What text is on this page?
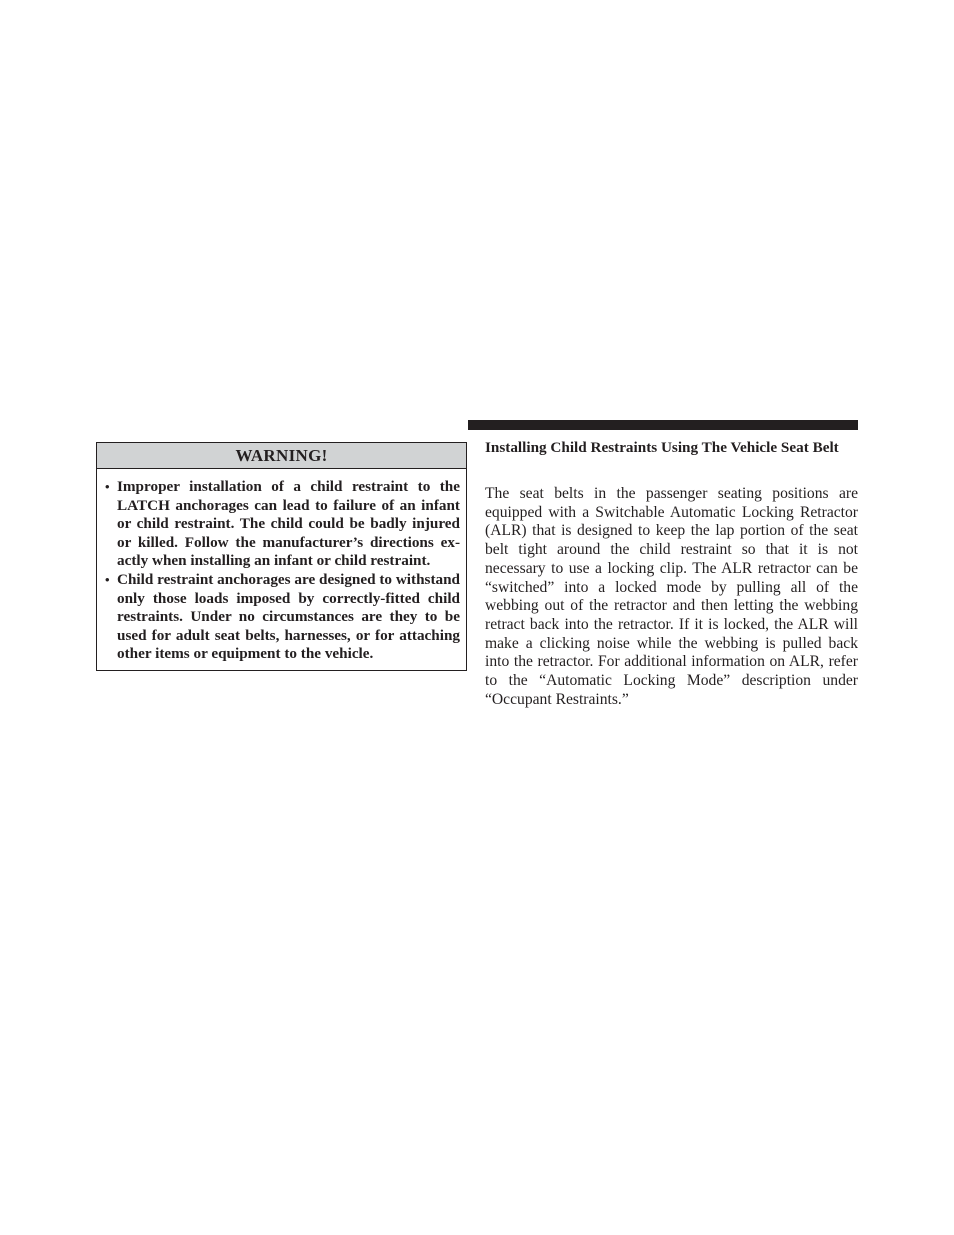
WARNING!
• Improper installation of a child restraint to the LATCH anchorages can lead to failure of an infant or child restraint. The child could be badly injured or killed. Follow the manufacturer’s directions exactly when installing an infant or child restraint.
• Child restraint anchorages are designed to withstand only those loads imposed by correctly-fitted child restraints. Under no circumstances are they to be used for adult seat belts, harnesses, or for attaching other items or equipment to the vehicle.
Installing Child Restraints Using The Vehicle Seat Belt

The seat belts in the passenger seating positions are equipped with a Switchable Automatic Locking Retractor (ALR) that is designed to keep the lap portion of the seat belt tight around the child restraint so that it is not necessary to use a locking clip. The ALR retractor can be “switched” into a locked mode by pulling all of the webbing out of the retractor and then letting the webbing retract back into the retractor. If it is locked, the ALR will make a clicking noise while the webbing is pulled back into the retractor. For additional information on ALR, refer to the “Automatic Locking Mode” description under “Occupant Restraints.”
